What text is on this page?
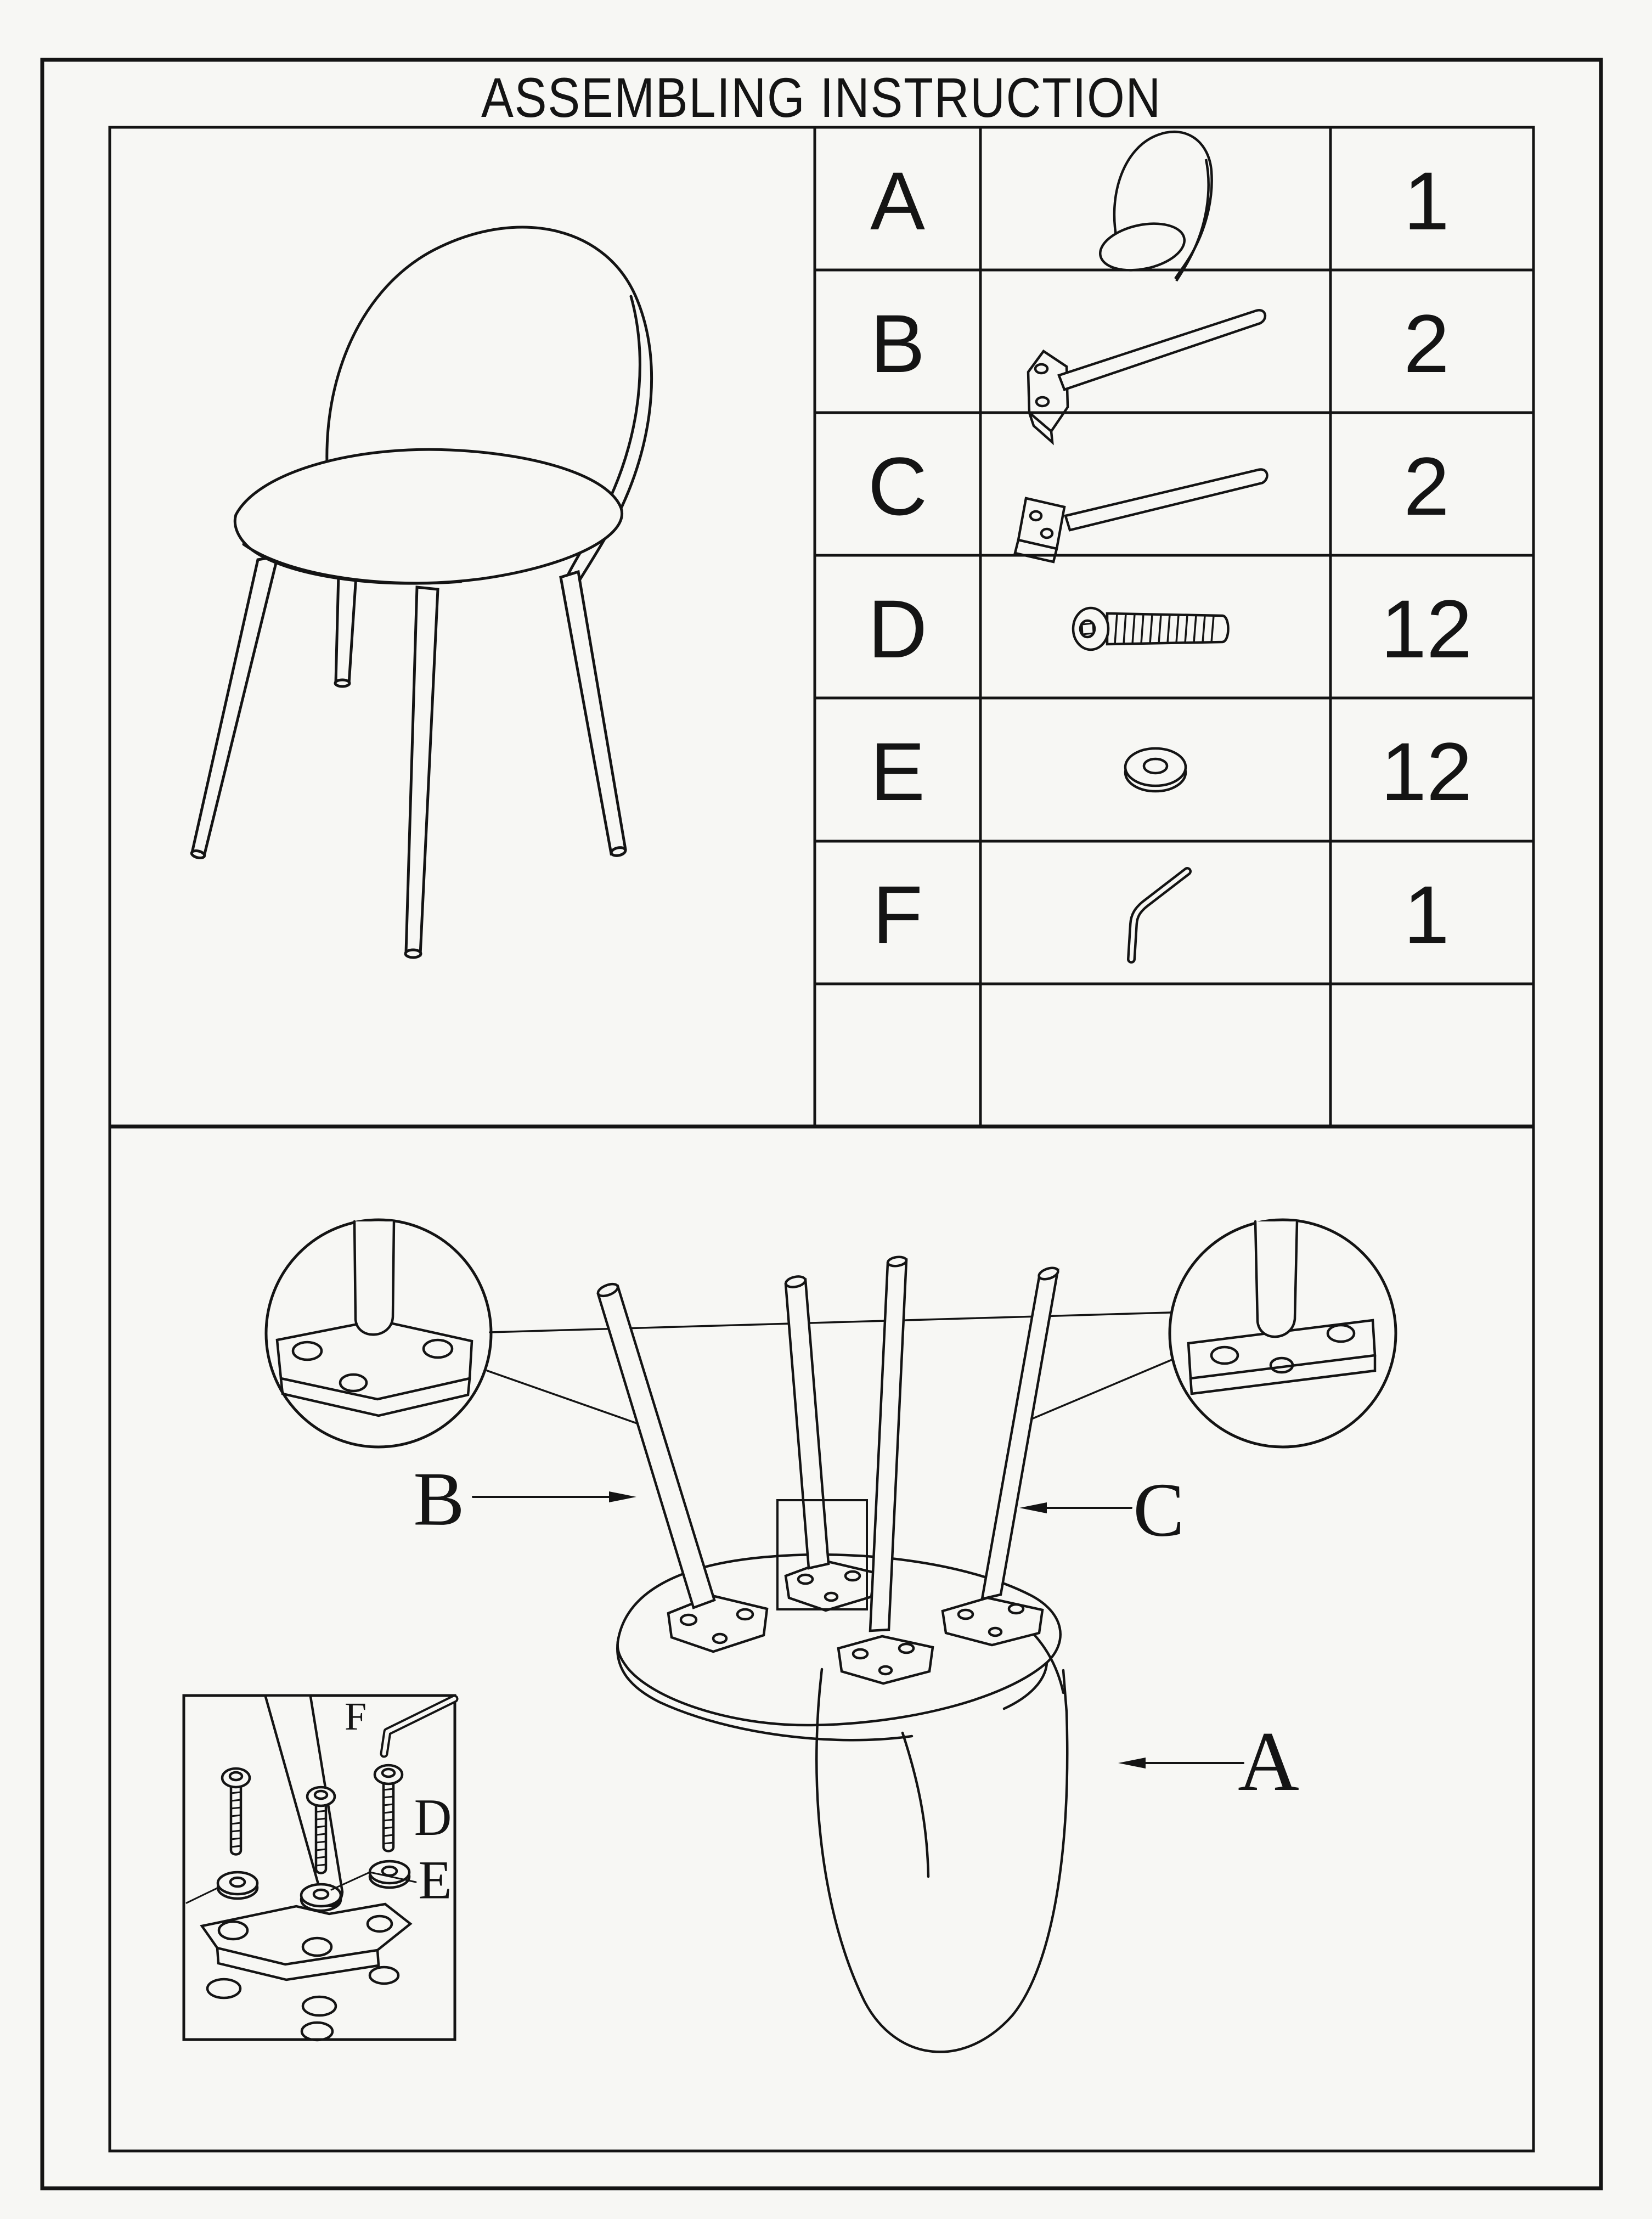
ASSEMBLING INSTRUCTION
A	1
B	2
C	2
D	12
E	12
F	1
B	C
A
F
D
E
